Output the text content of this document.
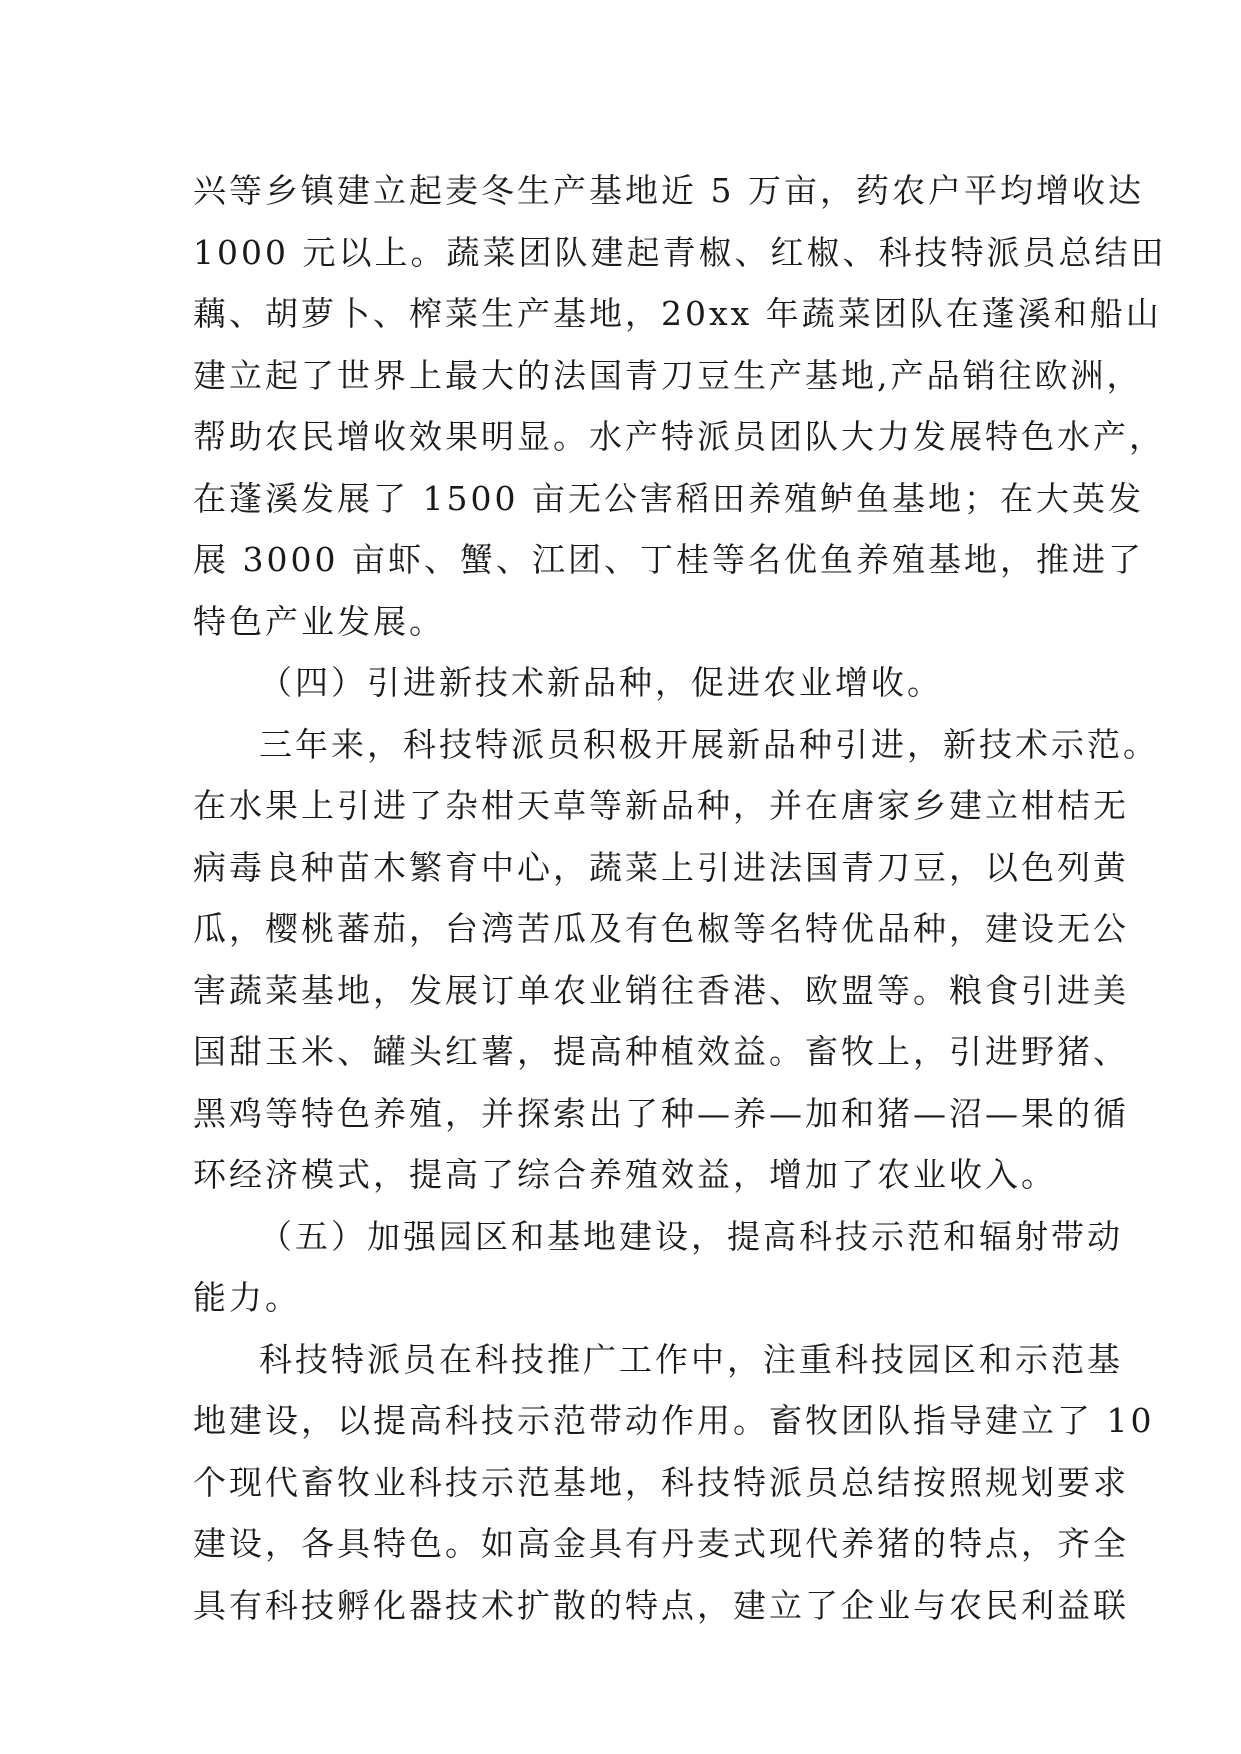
兴等乡镇建立起麦冬生产基地近 5 万亩，药农户平均增收达
1000 元以上。蔬菜团队建起青椒、红椒、科技特派员总结田
藕、胡萝卜、榨菜生产基地，20xx 年蔬菜团队在蓬溪和船山
建立起了世界上最大的法国青刀豆生产基地,产品销往欧洲，
帮助农民增收效果明显。水产特派员团队大力发展特色水产，
在蓬溪发展了 1500 亩无公害稻田养殖鲈鱼基地；在大英发
展 3000 亩虾、蟹、江团、丁桂等名优鱼养殖基地，推进了
特色产业发展。
（四）引进新技术新品种，促进农业增收。
三年来，科技特派员积极开展新品种引进，新技术示范。
在水果上引进了杂柑天草等新品种，并在唐家乡建立柑桔无
病毒良种苗木繁育中心，蔬菜上引进法国青刀豆，以色列黄
瓜，樱桃蕃茄，台湾苦瓜及有色椒等名特优品种，建设无公
害蔬菜基地，发展订单农业销往香港、欧盟等。粮食引进美
国甜玉米、罐头红薯，提高种植效益。畜牧上，引进野猪、
黑鸡等特色养殖，并探索出了种—养—加和猪—沼—果的循
环经济模式，提高了综合养殖效益，增加了农业收入。
（五）加强园区和基地建设，提高科技示范和辐射带动
能力。
科技特派员在科技推广工作中，注重科技园区和示范基
地建设，以提高科技示范带动作用。畜牧团队指导建立了 10
个现代畜牧业科技示范基地，科技特派员总结按照规划要求
建设，各具特色。如高金具有丹麦式现代养猪的特点，齐全
具有科技孵化器技术扩散的特点，建立了企业与农民利益联
